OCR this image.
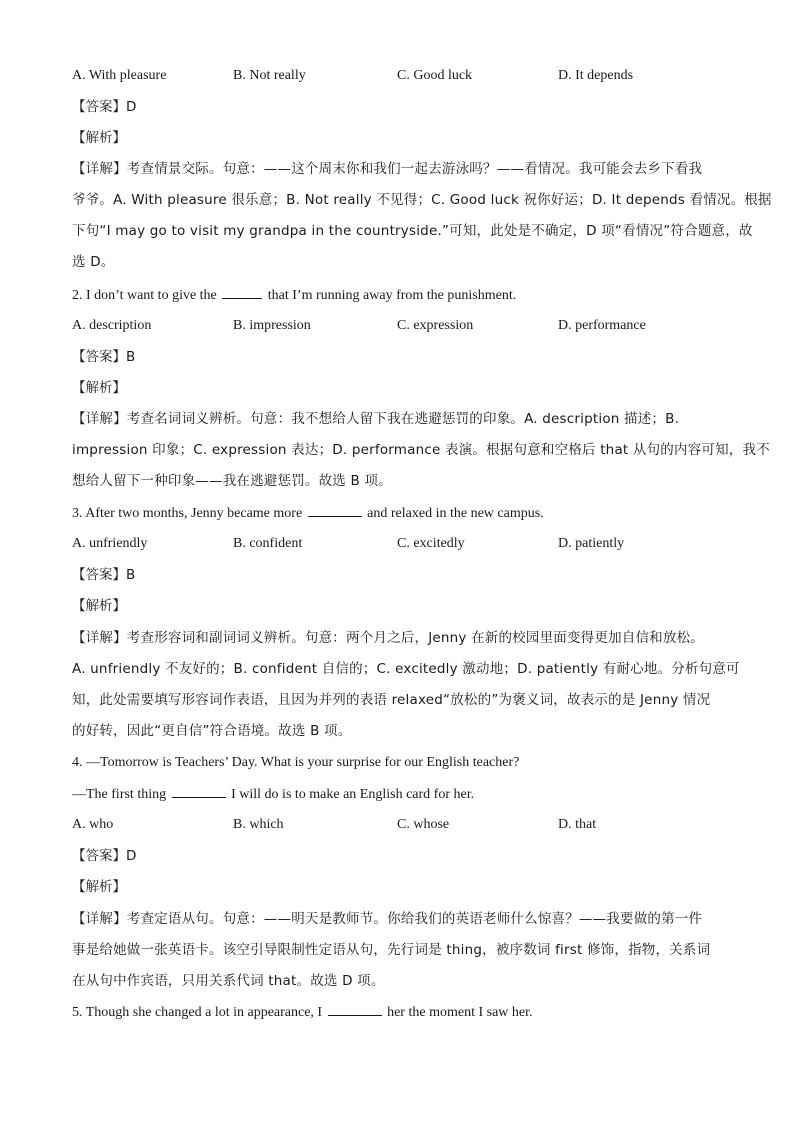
A. With pleasure	B. Not really	C. Good luck	D. It depends
【答案】D
【解析】
【详解】考查情景交际。句意：——这个周末你和我们一起去游泳吗？——看情况。我可能会去乡下看我
爷爷。A. With pleasure 很乐意；B. Not really 不见得；C. Good luck 祝你好运；D. It depends 看情况。根据
下句“I may go to visit my grandpa in the countryside.”可知，此处是不确定，D 项“看情况”符合题意，故
选 D。
2. I don’t want to give the	that I’m running away from the punishment.
A. description	B. impression	C. expression	D. performance
【答案】B
【解析】
【详解】考查名词词义辨析。句意：我不想给人留下我在逃避惩罚的印象。A. description 描述；B.
impression 印象；C. expression 表达；D. performance 表演。根据句意和空格后 that 从句的内容可知，我不
想给人留下一种印象——我在逃避惩罚。故选 B 项。
3. After two months, Jenny became more	and relaxed in the new campus.
A. unfriendly	B. confident	C. excitedly	D. patiently
【答案】B
【解析】
【详解】考查形容词和副词词义辨析。句意：两个月之后，Jenny 在新的校园里面变得更加自信和放松。
A. unfriendly 不友好的；B. confident 自信的；C. excitedly 激动地；D. patiently 有耐心地。分析句意可
知，此处需要填写形容词作表语，且因为并列的表语 relaxed“放松的”为褒义词，故表示的是 Jenny 情况
的好转，因此“更自信”符合语境。故选 B 项。
4. —Tomorrow is Teachers’ Day. What is your surprise for our English teacher?
—The first thing	I will do is to make an English card for her.
A. who	B. which	C. whose	D. that
【答案】D
【解析】
【详解】考查定语从句。句意：——明天是教师节。你给我们的英语老师什么惊喜？——我要做的第一件
事是给她做一张英语卡。该空引导限制性定语从句，先行词是 thing，被序数词 first 修饰，指物，关系词
在从句中作宾语，只用关系代词 that。故选 D 项。
5. Though she changed a lot in appearance, I	her the moment I saw her.
